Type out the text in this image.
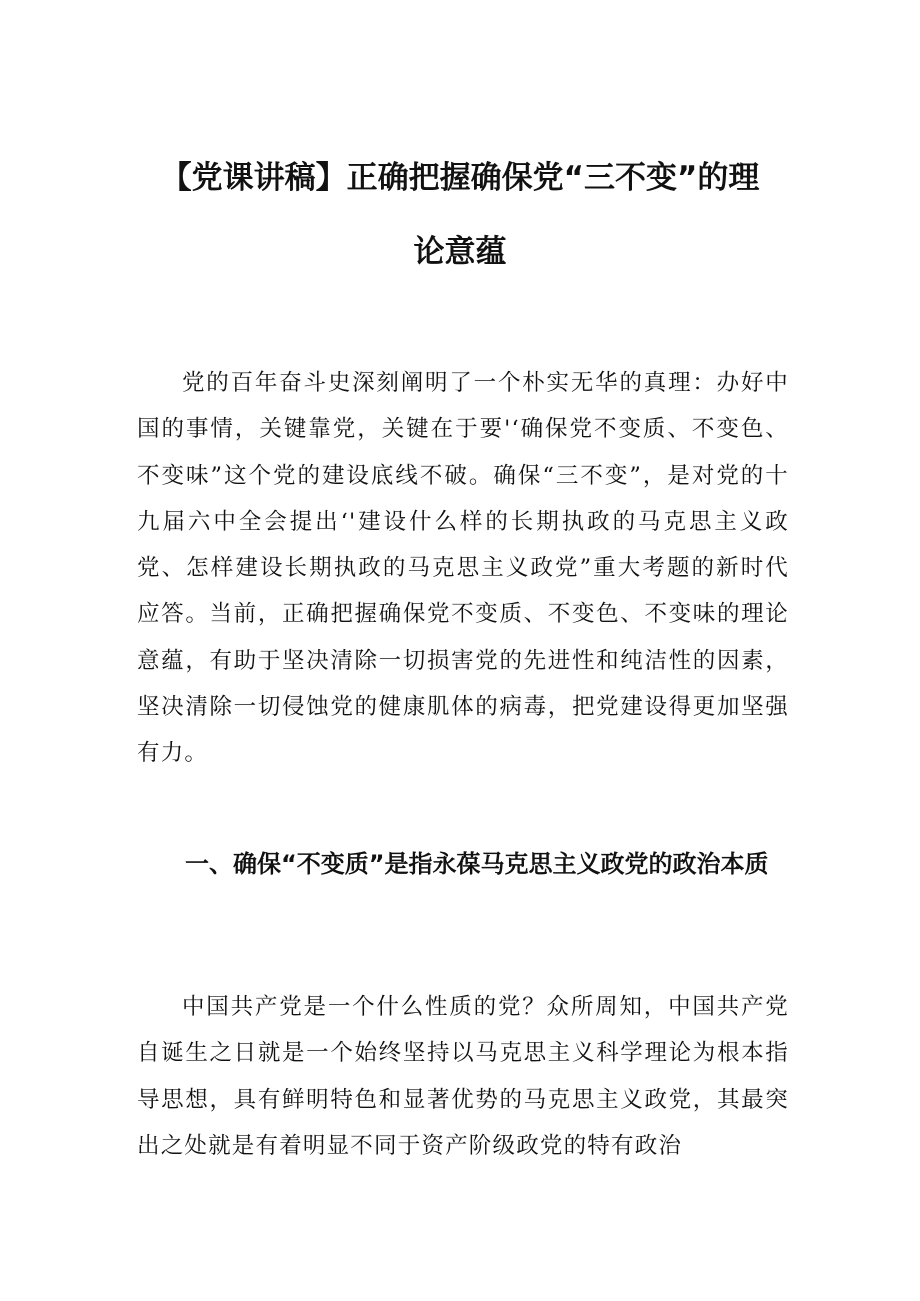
【党课讲稿】正确把握确保党“三不变”的理
论意蕴

党的百年奋斗史深刻阐明了一个朴实无华的真理：办好中国的事情，关键靠党，关键在于要'‘确保党不变质、不变色、不变味”这个党的建设底线不破。确保“三不变”，是对党的十九届六中全会提出‘'建设什么样的长期执政的马克思主义政党、怎样建设长期执政的马克思主义政党”重大考题的新时代应答。当前，正确把握确保党不变质、不变色、不变味的理论意蕴，有助于坚决清除一切损害党的先进性和纯洁性的因素，坚决清除一切侵蚀党的健康肌体的病毒，把党建设得更加坚强有力。

一、确保“不变质”是指永葆马克思主义政党的政治本质

中国共产党是一个什么性质的党？众所周知，中国共产党自诞生之日就是一个始终坚持以马克思主义科学理论为根本指导思想，具有鲜明特色和显著优势的马克思主义政党，其最突出之处就是有着明显不同于资产阶级政党的特有政治
